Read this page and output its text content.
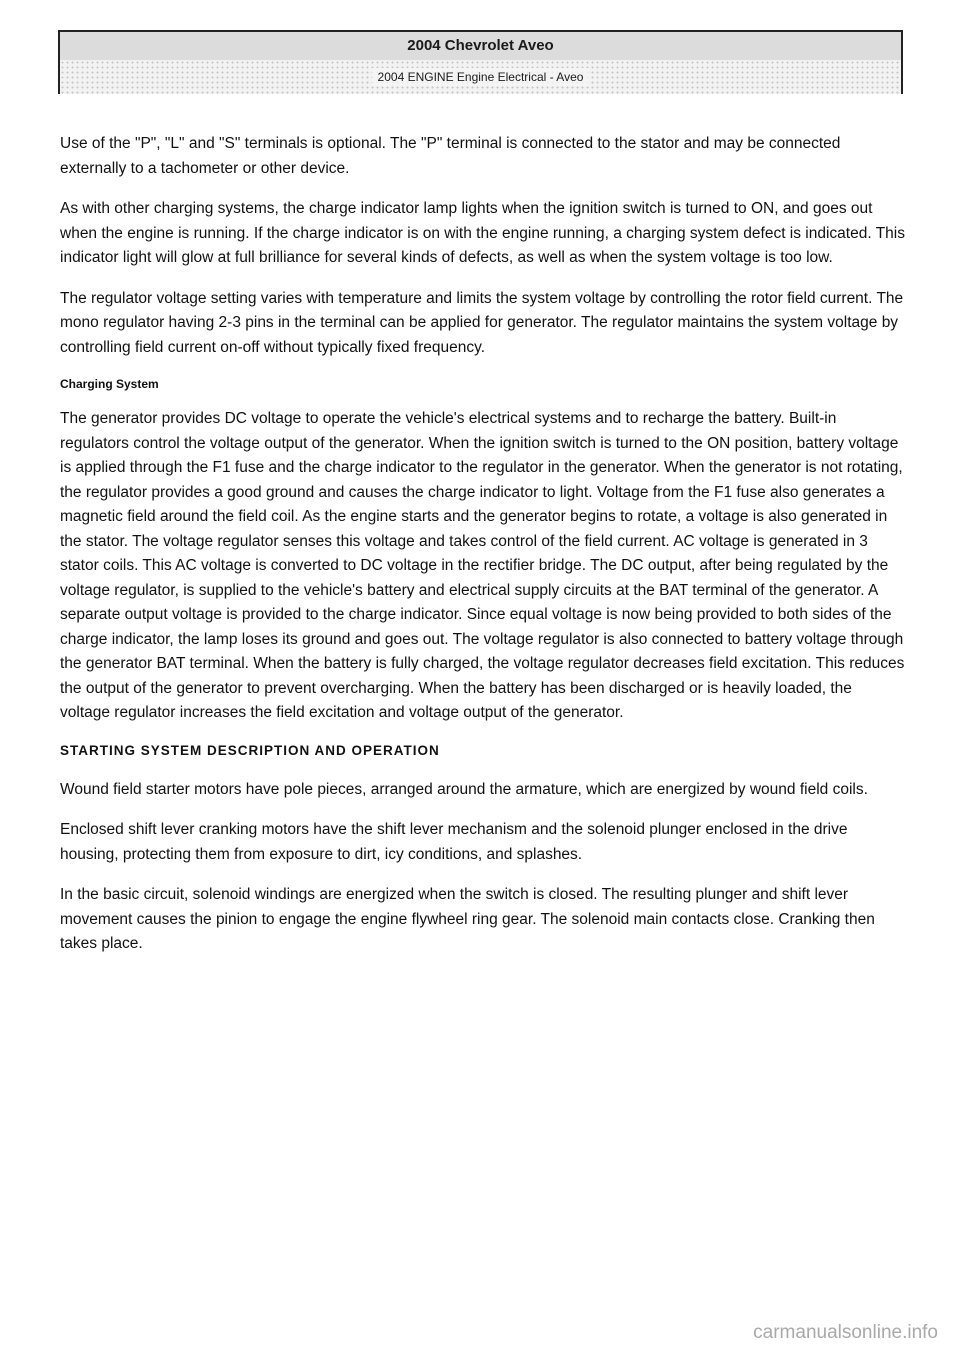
2004 Chevrolet Aveo
2004 ENGINE Engine Electrical - Aveo

Use of the "P", "L" and "S" terminals is optional. The "P" terminal is connected to the stator and may be connected externally to a tachometer or other device.

As with other charging systems, the charge indicator lamp lights when the ignition switch is turned to ON, and goes out when the engine is running. If the charge indicator is on with the engine running, a charging system defect is indicated. This indicator light will glow at full brilliance for several kinds of defects, as well as when the system voltage is too low.

The regulator voltage setting varies with temperature and limits the system voltage by controlling the rotor field current. The mono regulator having 2-3 pins in the terminal can be applied for generator. The regulator maintains the system voltage by controlling field current on-off without typically fixed frequency.

Charging System

The generator provides DC voltage to operate the vehicle's electrical systems and to recharge the battery. Built-in regulators control the voltage output of the generator. When the ignition switch is turned to the ON position, battery voltage is applied through the F1 fuse and the charge indicator to the regulator in the generator. When the generator is not rotating, the regulator provides a good ground and causes the charge indicator to light. Voltage from the F1 fuse also generates a magnetic field around the field coil. As the engine starts and the generator begins to rotate, a voltage is also generated in the stator. The voltage regulator senses this voltage and takes control of the field current. AC voltage is generated in 3 stator coils. This AC voltage is converted to DC voltage in the rectifier bridge. The DC output, after being regulated by the voltage regulator, is supplied to the vehicle's battery and electrical supply circuits at the BAT terminal of the generator. A separate output voltage is provided to the charge indicator. Since equal voltage is now being provided to both sides of the charge indicator, the lamp loses its ground and goes out. The voltage regulator is also connected to battery voltage through the generator BAT terminal. When the battery is fully charged, the voltage regulator decreases field excitation. This reduces the output of the generator to prevent overcharging. When the battery has been discharged or is heavily loaded, the voltage regulator increases the field excitation and voltage output of the generator.

STARTING SYSTEM DESCRIPTION AND OPERATION

Wound field starter motors have pole pieces, arranged around the armature, which are energized by wound field coils.

Enclosed shift lever cranking motors have the shift lever mechanism and the solenoid plunger enclosed in the drive housing, protecting them from exposure to dirt, icy conditions, and splashes.

In the basic circuit, solenoid windings are energized when the switch is closed. The resulting plunger and shift lever movement causes the pinion to engage the engine flywheel ring gear. The solenoid main contacts close. Cranking then takes place.

carmanualsonline.info
